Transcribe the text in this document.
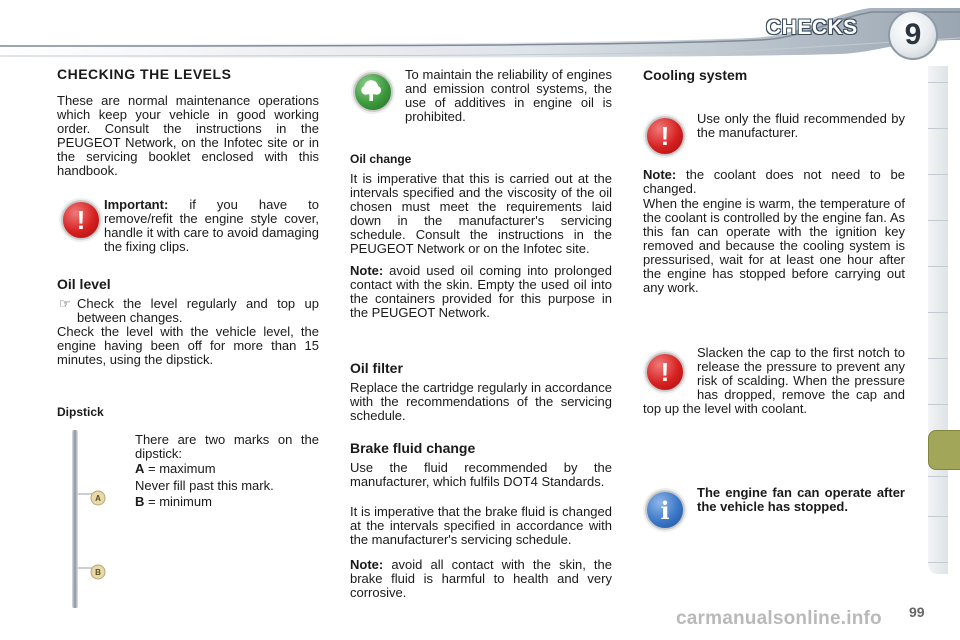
CHECKS	9
CHECKING THE LEVELS

These are normal maintenance operations which keep your vehicle in good working order. Consult the instructions in the PEUGEOT Network, on the Infotec site or in the servicing booklet enclosed with this handbook.

!	Important: if you have to remove/refit the engine style cover, handle it with care to avoid damaging the fixing clips.

Oil level
☞ Check the level regularly and top up between changes.

Check the level with the vehicle level, the engine having been off for more than 15 minutes, using the dipstick.

Dipstick

There are two marks on the dipstick:

A = maximum

Never fill past this mark.

B = minimum

A
B

To maintain the reliability of engines and emission control systems, the use of additives in engine oil is prohibited.

Oil change

It is imperative that this is carried out at the intervals specified and the viscosity of the oil chosen must meet the requirements laid down in the manufacturer's servicing schedule. Consult the instructions in the PEUGEOT Network or on the Infotec site.

Note: avoid used oil coming into prolonged contact with the skin. Empty the used oil into the containers provided for this purpose in the PEUGEOT Network.

Oil filter

Replace the cartridge regularly in accordance with the recommendations of the servicing schedule.

Brake fluid change

Use the fluid recommended by the manufacturer, which fulfils DOT4 Standards.

It is imperative that the brake fluid is changed at the intervals specified in accordance with the manufacturer's servicing schedule.

Note: avoid all contact with the skin, the brake fluid is harmful to health and very corrosive.

Cooling system
!

Use only the fluid recommended by the manufacturer.

Note: the coolant does not need to be changed.

When the engine is warm, the temperature of the coolant is controlled by the engine fan. As this fan can operate with the ignition key removed and because the cooling system is pressurised, wait for at least one hour after the engine has stopped before carrying out any work.

!

Slacken the cap to the first notch to release the pressure to prevent any risk of scalding. When the pressure has dropped, remove the cap and top up the level with coolant.

i

The engine fan can operate after the vehicle has stopped.

carmanualsonline.info 99
